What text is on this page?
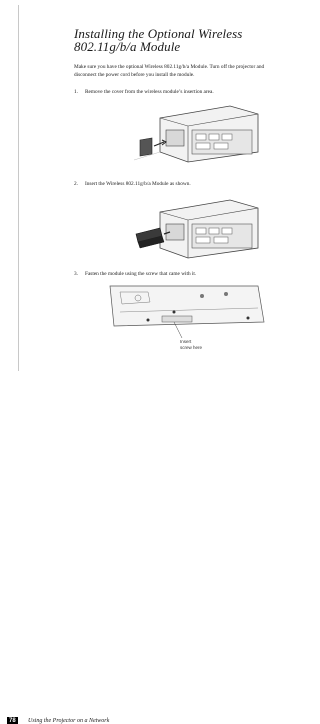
Installing the Optional Wireless
802.11g/b/a Module

Make sure you have the optional Wireless 802.11g/b/a Module. Turn off the projector and disconnect the power cord before you install the module.

1. Remove the cover from the wireless module’s insertion area.

2. Insert the Wireless 802.11g/b/a Module as shown.

3. Fasten the module using the screw that came with it.

Insert
screw here
78	Using the Projector on a Network
